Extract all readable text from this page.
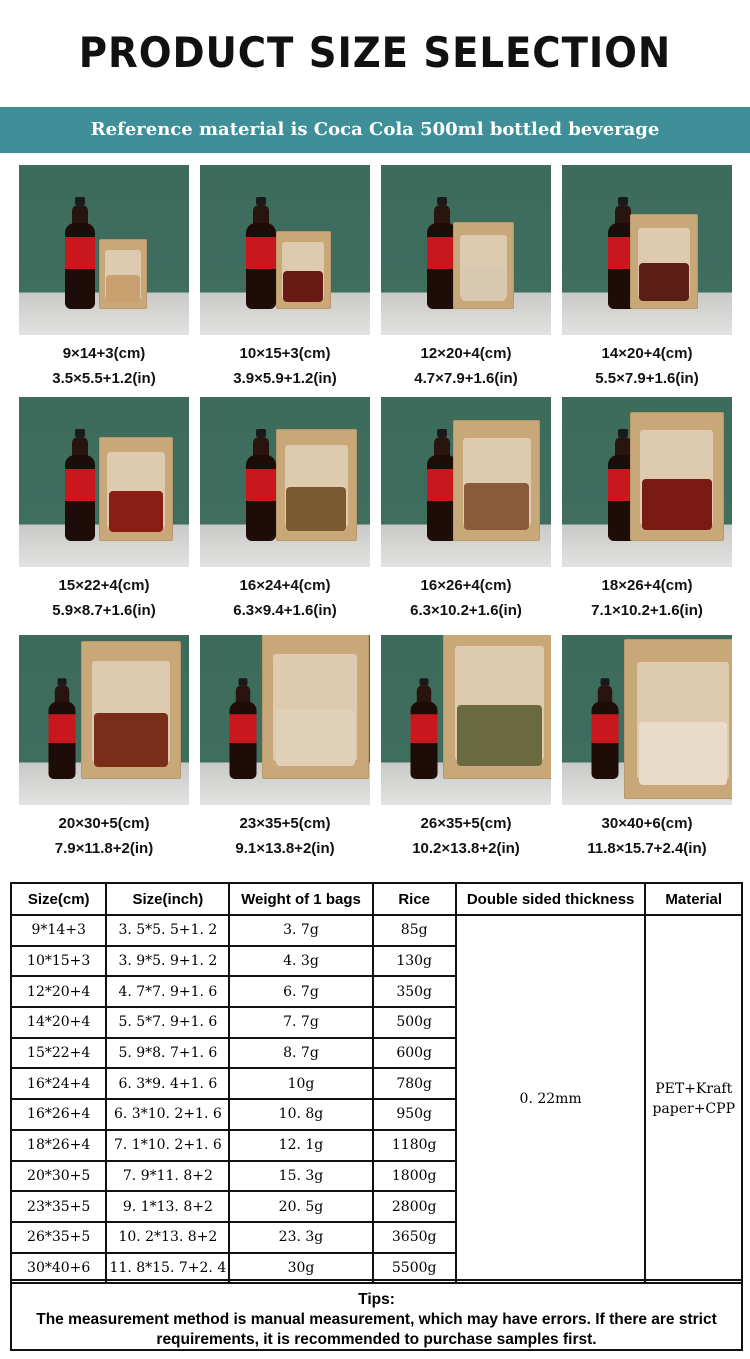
PRODUCT SIZE SELECTION
Reference material is Coca Cola 500ml bottled beverage
9×14+3(cm)
3.5×5.5+1.2(in)
10×15+3(cm)
3.9×5.9+1.2(in)
12×20+4(cm)
4.7×7.9+1.6(in)
14×20+4(cm)
5.5×7.9+1.6(in)
15×22+4(cm)
5.9×8.7+1.6(in)
16×24+4(cm)
6.3×9.4+1.6(in)
16×26+4(cm)
6.3×10.2+1.6(in)
18×26+4(cm)
7.1×10.2+1.6(in)
20×30+5(cm)
7.9×11.8+2(in)
23×35+5(cm)
9.1×13.8+2(in)
26×35+5(cm)
10.2×13.8+2(in)
30×40+6(cm)
11.8×15.7+2.4(in)
Size(cm)	Size(inch)	Weight of 1 bags	Rice	Double sided thickness	Material
9*14+3	3. 5*5. 5+1. 2	3. 7g	85g	0. 22mm	PET+Kraft paper+CPP
10*15+3	3. 9*5. 9+1. 2	4. 3g	130g		
12*20+4	4. 7*7. 9+1. 6	6. 7g	350g		
14*20+4	5. 5*7. 9+1. 6	7. 7g	500g		
15*22+4	5. 9*8. 7+1. 6	8. 7g	600g		
16*24+4	6. 3*9. 4+1. 6	10g	780g		
16*26+4	6. 3*10. 2+1. 6	10. 8g	950g		
18*26+4	7. 1*10. 2+1. 6	12. 1g	1180g		
20*30+5	7. 9*11. 8+2	15. 3g	1800g		
23*35+5	9. 1*13. 8+2	20. 5g	2800g		
26*35+5	10. 2*13. 8+2	23. 3g	3650g		
30*40+6	11. 8*15. 7+2. 4	30g	5500g		
Tips:
The measurement method is manual measurement, which may have errors. If there are strict requirements, it is recommended to purchase samples first.
